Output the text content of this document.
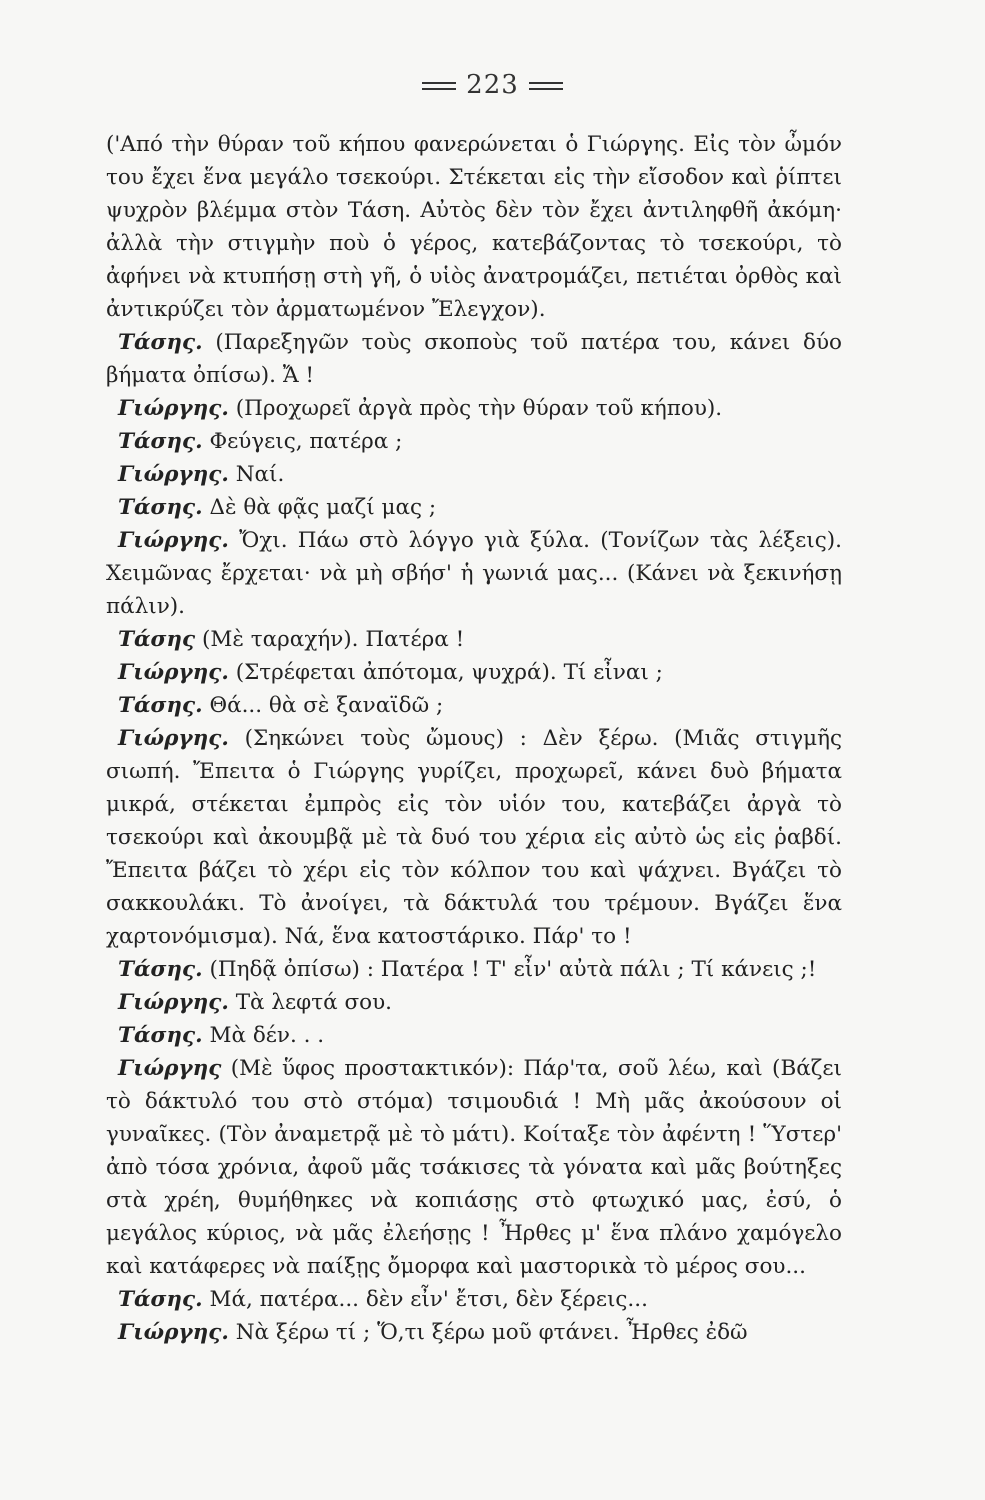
223

('Από τὴν θύραν τοῦ κήπου φανερώνεται ὁ Γιώργης. Εἰς τὸν ὦμόν του ἔχει ἕνα μεγάλο τσεκούρι. Στέκεται εἰς τὴν εἴσοδον καὶ ῥίπτει ψυχρὸν βλέμμα στὸν Τάση. Αὐτὸς δὲν τὸν ἔχει ἀντιληφθῆ ἀκόμη· ἀλλὰ τὴν στιγμὴν ποὺ ὁ γέρος, κατεβάζοντας τὸ τσεκούρι, τὸ ἀφήνει νὰ κτυπήσῃ στὴ γῆ, ὁ υἱὸς ἀνατρομάζει, πετιέται ὀρθὸς καὶ ἀντικρύζει τὸν ἀρματωμένον Ἔλεγχον).

Τάσης. (Παρεξηγῶν τοὺς σκοποὺς τοῦ πατέρα του, κάνει δύο βήματα ὀπίσω). Ἄ !

Γιώργης. (Προχωρεῖ ἀργὰ πρὸς τὴν θύραν τοῦ κήπου).

Τάσης. Φεύγεις, πατέρα ;

Γιώργης. Ναί.

Τάσης. Δὲ θὰ φᾷς μαζί μας ;

Γιώργης. Ὄχι. Πάω στὸ λόγγο γιὰ ξύλα. (Τονίζων τὰς λέξεις). Χειμῶνας ἔρχεται· νὰ μὴ σβήσ' ἡ γωνιά μας... (Κάνει νὰ ξεκινήσῃ πάλιν).

Τάσης (Μὲ ταραχήν). Πατέρα !

Γιώργης. (Στρέφεται ἀπότομα, ψυχρά). Τί εἶναι ;

Τάσης. Θά... θὰ σὲ ξαναϊδῶ ;

Γιώργης. (Σηκώνει τοὺς ὤμους) : Δὲν ξέρω. (Μιᾶς στιγμῆς σιωπή. Ἔπειτα ὁ Γιώργης γυρίζει, προχωρεῖ, κάνει δυὸ βήματα μικρά, στέκεται ἐμπρὸς εἰς τὸν υἱόν του, κατεβάζει ἀργὰ τὸ τσεκούρι καὶ ἀκουμβᾷ μὲ τὰ δυό του χέρια εἰς αὐτὸ ὡς εἰς ῥαβδί. Ἔπειτα βάζει τὸ χέρι εἰς τὸν κόλπον του καὶ ψάχνει. Βγάζει τὸ σακκουλάκι. Τὸ ἀνοίγει, τὰ δάκτυλά του τρέμουν. Βγάζει ἕνα χαρτονόμισμα). Νά, ἕνα κατοστάρικο. Πάρ' το !

Τάσης. (Πηδᾷ ὀπίσω) : Πατέρα ! Τ' εἶν' αὐτὰ πάλι ; Τί κάνεις ;!

Γιώργης. Τὰ λεφτά σου.

Τάσης. Μὰ δέν. . .

Γιώργης (Μὲ ὕφος προστακτικόν): Πάρ'τα, σοῦ λέω, καὶ (Βάζει τὸ δάκτυλό του στὸ στόμα) τσιμουδιά ! Μὴ μᾶς ἀκούσουν οἱ γυναῖκες. (Τὸν ἀναμετρᾷ μὲ τὸ μάτι). Κοίταξε τὸν ἀφέντη ! Ὕστερ' ἀπὸ τόσα χρόνια, ἀφοῦ μᾶς τσάκισες τὰ γόνατα καὶ μᾶς βούτηξες στὰ χρέη, θυμήθηκες νὰ κοπιάσῃς στὸ φτωχικό μας, ἐσύ, ὁ μεγάλος κύριος, νὰ μᾶς ἐλεήσῃς ! Ἦρθες μ' ἕνα πλάνο χαμόγελο καὶ κατάφερες νὰ παίξῃς ὄμορφα καὶ μαστορικὰ τὸ μέρος σου...

Τάσης. Μά, πατέρα... δὲν εἶν' ἔτσι, δὲν ξέρεις...

Γιώργης. Νὰ ξέρω τί ; Ὅ,τι ξέρω μοῦ φτάνει. Ἦρθες ἐδῶ
